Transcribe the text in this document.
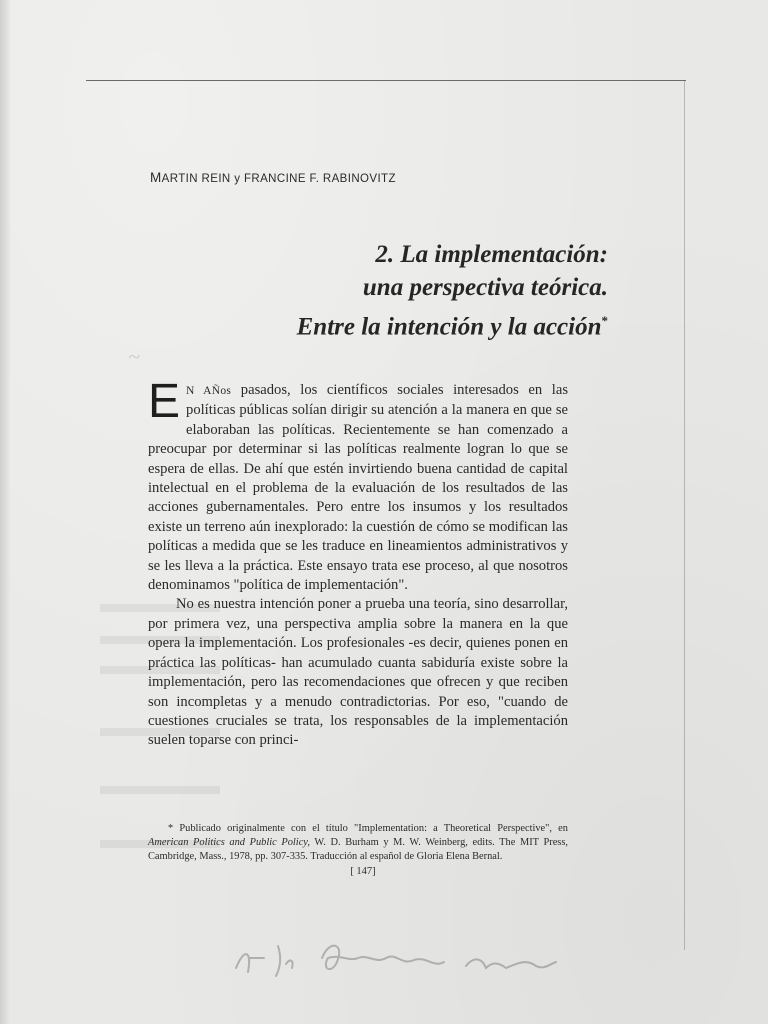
~
MARTIN REIN y FRANCINE F. RABINOVITZ
2. La implementación:
una perspectiva teórica.
Entre la intención y la acción*

E N AÑos pasados, los científicos sociales interesados en las políticas públicas solían dirigir su atención a la manera en que se elaboraban las políticas. Recientemente se han comenzado a preocupar por determinar si las políticas realmente logran lo que se espera de ellas. De ahí que estén invirtiendo buena cantidad de capital intelectual en el problema de la evaluación de los resultados de las acciones gubernamentales. Pero entre los insumos y los resultados existe un terreno aún inexplorado: la cuestión de cómo se modifican las políticas a medida que se les traduce en lineamientos administrativos y se les lleva a la práctica. Este ensayo trata ese proceso, al que nosotros denominamos "política de implementación".

No es nuestra intención poner a prueba una teoría, sino desarrollar, por primera vez, una perspectiva amplia sobre la manera en la que opera la implementación. Los profesionales -es decir, quienes ponen en práctica las políticas- han acumulado cuanta sabiduría existe sobre la implementación, pero las recomendaciones que ofrecen y que reciben son incompletas y a menudo contradictorias. Por eso, "cuando de cuestiones cruciales se trata, los responsables de la implementación suelen toparse con princi-

* Publicado originalmente con el título "Implementation: a Theoretical Perspective", en American Politics and Public Policy, W. D. Burham y M. W. Weinberg, edits. The MIT Press, Cambridge, Mass., 1978, pp. 307-335. Traducción al español de Gloria Elena Bernal.

[ 147]
